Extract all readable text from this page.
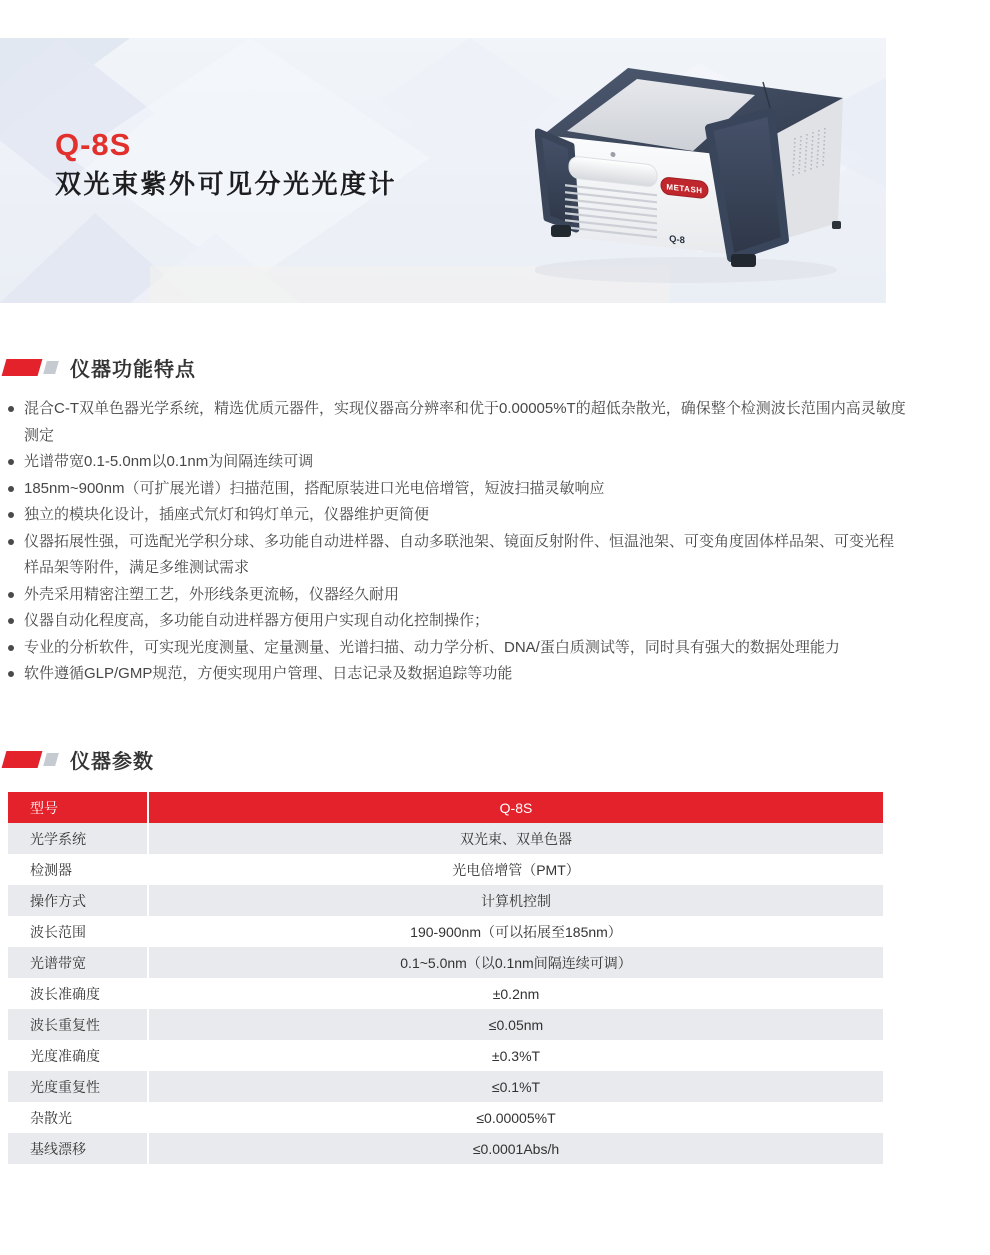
Q-8S
双光束紫外可见分光光度计	METASH
Q-8
仪器功能特点
混合C-T双单色器光学系统，精选优质元器件，实现仪器高分辨率和优于0.00005%T的超低杂散光，确保整个检测波长范围内高灵敏度测定
光谱带宽0.1-5.0nm以0.1nm为间隔连续可调
185nm~900nm（可扩展光谱）扫描范围，搭配原装进口光电倍增管，短波扫描灵敏响应
独立的模块化设计，插座式氘灯和钨灯单元，仪器维护更简便
仪器拓展性强，可选配光学积分球、多功能自动进样器、自动多联池架、镜面反射附件、恒温池架、可变角度固体样品架、可变光程样品架等附件，满足多维测试需求
外壳采用精密注塑工艺，外形线条更流畅，仪器经久耐用
仪器自动化程度高，多功能自动进样器方便用户实现自动化控制操作；
专业的分析软件，可实现光度测量、定量测量、光谱扫描、动力学分析、DNA/蛋白质测试等，同时具有强大的数据处理能力
软件遵循GLP/GMP规范，方便实现用户管理、日志记录及数据追踪等功能
仪器参数
型号	Q-8S
光学系统	双光束、双单色器
检测器	光电倍增管（PMT）
操作方式	计算机控制
波长范围	190-900nm（可以拓展至185nm）
光谱带宽	0.1~5.0nm（以0.1nm间隔连续可调）
波长准确度	±0.2nm
波长重复性	≤0.05nm
光度准确度	±0.3%T
光度重复性	≤0.1%T
杂散光	≤0.00005%T
基线漂移	≤0.0001Abs/h
